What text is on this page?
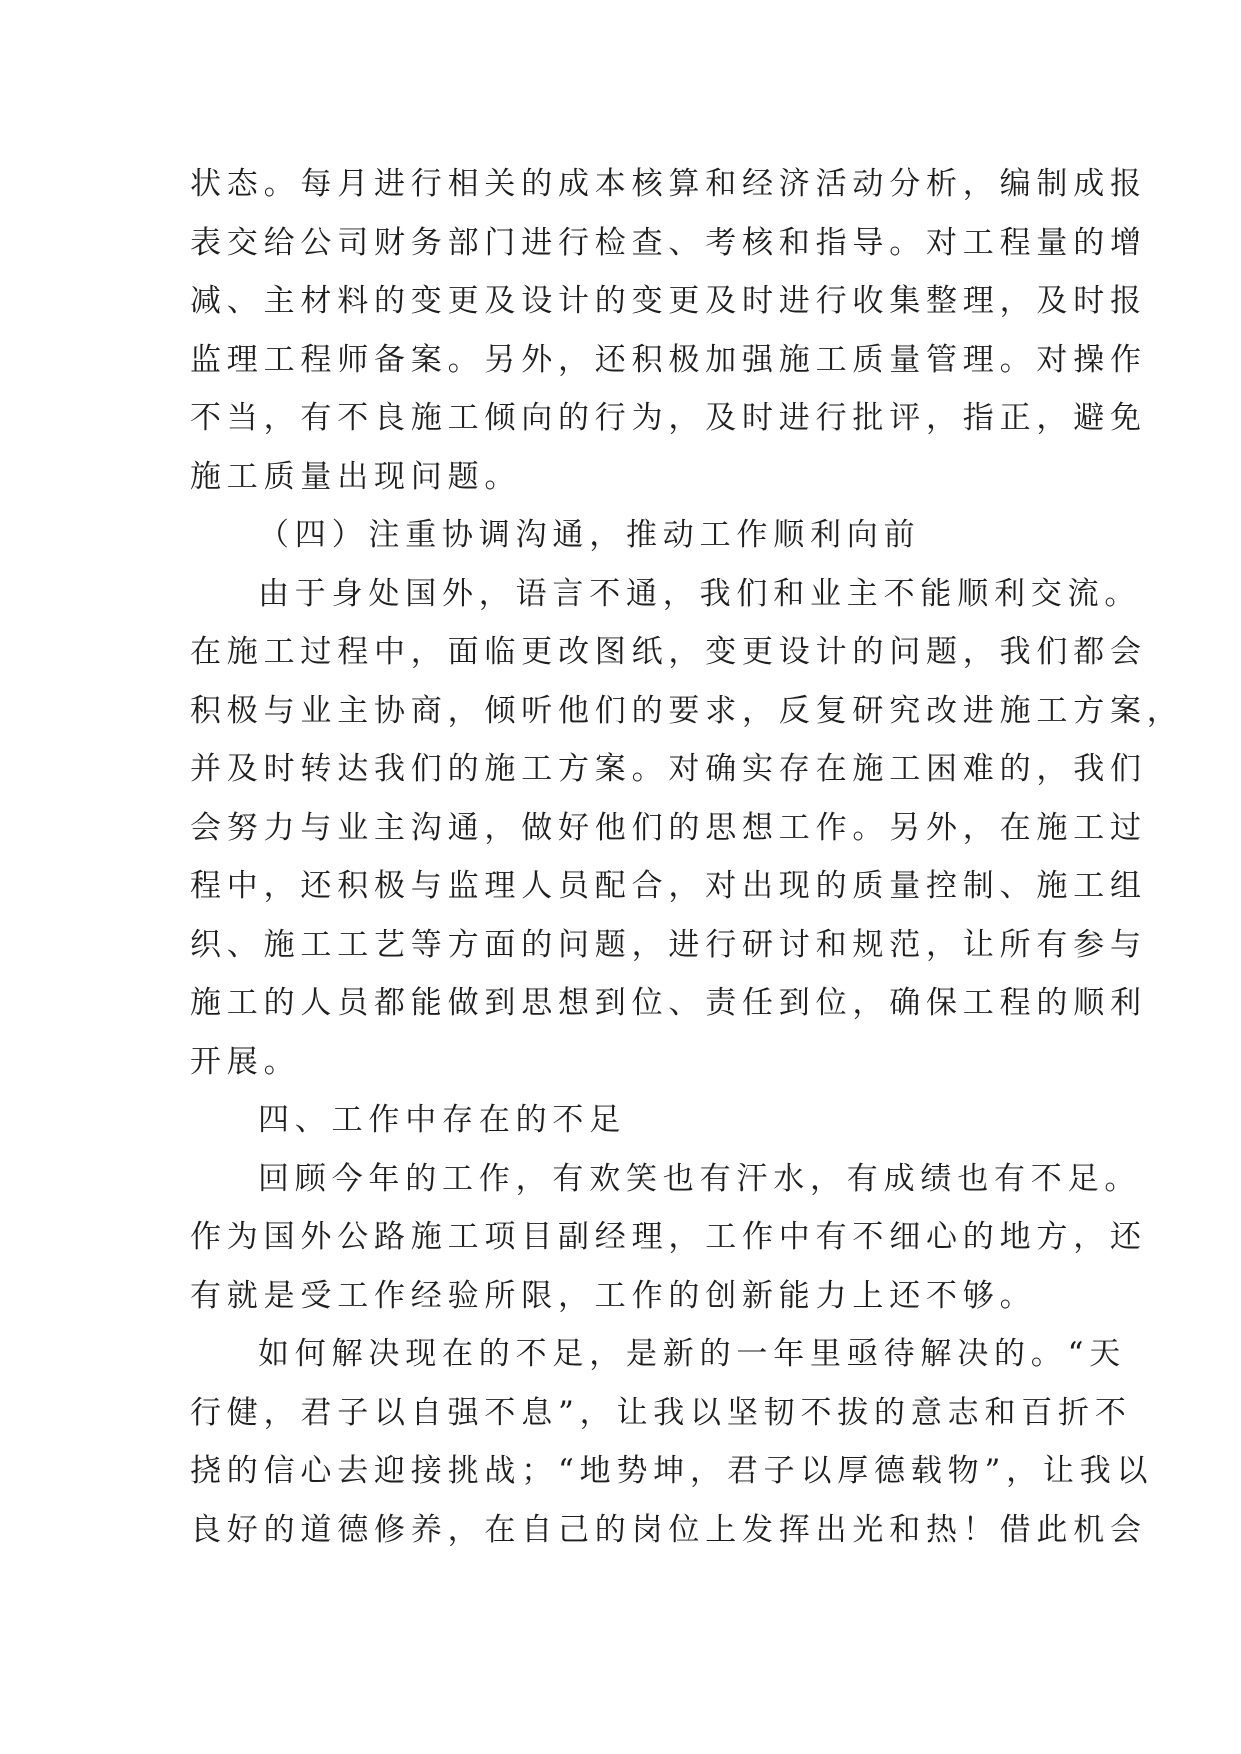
状态。每月进行相关的成本核算和经济活动分析，编制成报
表交给公司财务部门进行检查、考核和指导。对工程量的增
减、主材料的变更及设计的变更及时进行收集整理，及时报
监理工程师备案。另外，还积极加强施工质量管理。对操作
不当，有不良施工倾向的行为，及时进行批评，指正，避免
施工质量出现问题。
（四）注重协调沟通，推动工作顺利向前
由于身处国外，语言不通，我们和业主不能顺利交流。
在施工过程中，面临更改图纸，变更设计的问题，我们都会
积极与业主协商，倾听他们的要求，反复研究改进施工方案，
并及时转达我们的施工方案。对确实存在施工困难的，我们
会努力与业主沟通，做好他们的思想工作。另外，在施工过
程中，还积极与监理人员配合，对出现的质量控制、施工组
织、施工工艺等方面的问题，进行研讨和规范，让所有参与
施工的人员都能做到思想到位、责任到位，确保工程的顺利
开展。
四、工作中存在的不足
回顾今年的工作，有欢笑也有汗水，有成绩也有不足。
作为国外公路施工项目副经理，工作中有不细心的地方，还
有就是受工作经验所限，工作的创新能力上还不够。
如何解决现在的不足，是新的一年里亟待解决的。“天
行健，君子以自强不息”，让我以坚韧不拔的意志和百折不
挠的信心去迎接挑战；“地势坤，君子以厚德载物”，让我以
良好的道德修养，在自己的岗位上发挥出光和热！借此机会
